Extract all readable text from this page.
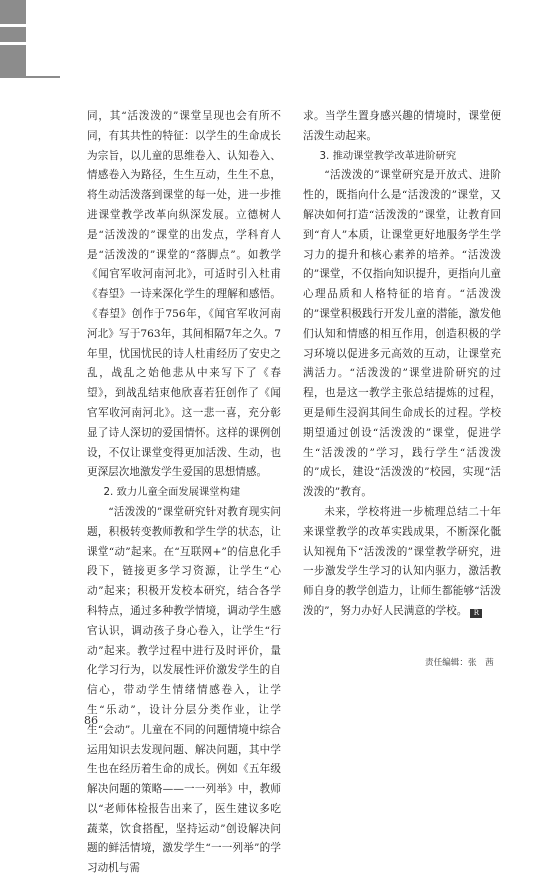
同，其“活泼泼的”课堂呈现也会有所不同，有其共性的特征：以学生的生命成长为宗旨，以儿童的思维卷入、认知卷入、情感卷入为路径，生生互动，生生不息，将生动活泼落到课堂的每一处，进一步推进课堂教学改革向纵深发展。立德树人是“活泼泼的”课堂的出发点，学科育人是“活泼泼的”课堂的“落脚点”。如教学《闻官军收河南河北》，可适时引入杜甫《春望》一诗来深化学生的理解和感悟。《春望》创作于756年，《闻官军收河南河北》写于763年，其间相隔7年之久。7年里，忧国忧民的诗人杜甫经历了安史之乱，战乱之始他悲从中来写下了《春望》，到战乱结束他欣喜若狂创作了《闻官军收河南河北》。这一悲一喜，充分彰显了诗人深切的爱国情怀。这样的课例创设，不仅让课堂变得更加活泼、生动，也更深层次地激发学生爱国的思想情感。

2. 致力儿童全面发展课堂构建

“活泼泼的”课堂研究针对教育现实问题，积极转变教师教和学生学的状态，让课堂“动”起来。在“互联网+”的信息化手段下，链接更多学习资源，让学生“心动”起来；积极开发校本研究，结合各学科特点，通过多种教学情境，调动学生感官认识，调动孩子身心卷入，让学生“行动”起来。教学过程中进行及时评价，量化学习行为，以发展性评价激发学生的自信心，带动学生情绪情感卷入，让学生“乐动”，设计分层分类作业，让学生“会动”。儿童在不同的问题情境中综合运用知识去发现问题、解决问题，其中学生也在经历着生命的成长。例如《五年级解决问题的策略——一一列举》中，教师以“老师体检报告出来了，医生建议多吃蔬菜，饮食搭配，坚持运动”创设解决问题的鲜活情境，激发学生“一一列举”的学习动机与需

求。当学生置身感兴趣的情境时，课堂便活泼生动起来。

3. 推动课堂教学改革进阶研究

“活泼泼的”课堂研究是开放式、进阶性的，既指向什么是“活泼泼的”课堂，又解决如何打造“活泼泼的”课堂，让教育回到“育人”本质，让课堂更好地服务学生学习力的提升和核心素养的培养。“活泼泼的”课堂，不仅指向知识提升，更指向儿童心理品质和人格特征的培育。“活泼泼的”课堂积极践行开发儿童的潜能，激发他们认知和情感的相互作用，创造积极的学习环境以促进多元高效的互动，让课堂充满活力。“活泼泼的”课堂进阶研究的过程，也是这一教学主张总结提炼的过程，更是师生浸润其间生命成长的过程。学校期望通过创设“活泼泼的”课堂，促进学生“活泼泼的”学习，践行学生“活泼泼的”成长，建设“活泼泼的”校园，实现“活泼泼的”教育。

未来，学校将进一步梳理总结二十年来课堂教学的改革实践成果，不断深化骶认知视角下“活泼泼的”课堂教学研究，进一步激发学生学习的认知内驱力，激活教师自身的教学创造力，让师生都能够“活泼泼的”，努力办好人民满意的学校。 R

责任编辑：张　茜
86
